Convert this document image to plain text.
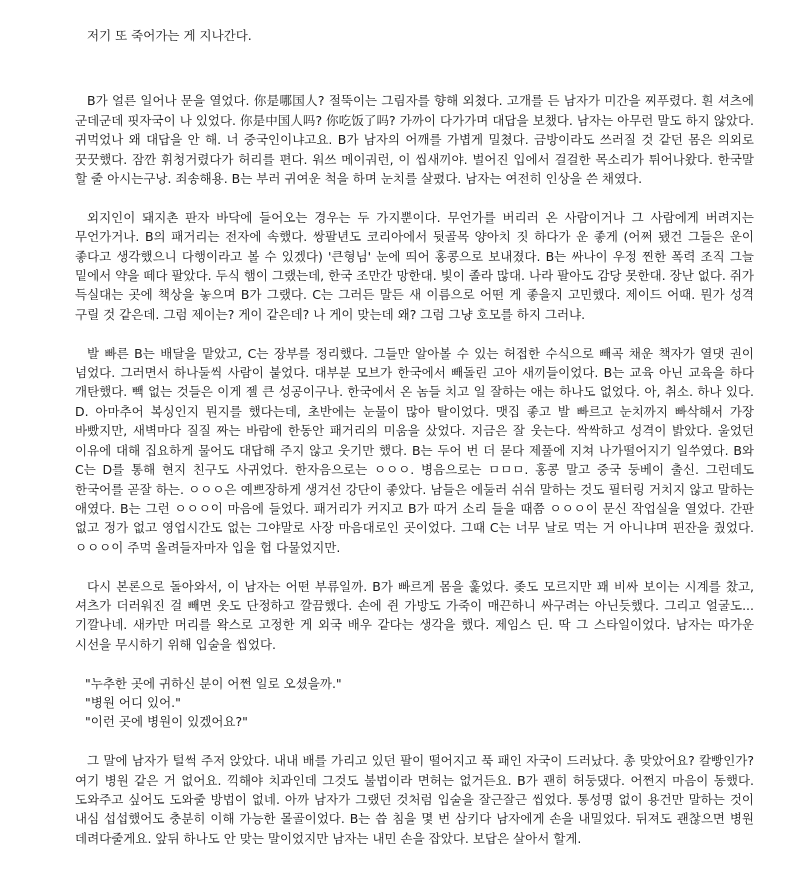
저기 또 죽어가는 게 지나간다.

B가 얼른 일어나 문을 열었다. 你是哪国人? 절뚝이는 그림자를 향해 외쳤다. 고개를 든 남자가 미간을 찌푸렸다. 흰 셔츠에 군데군데 핏자국이 나 있었다. 你是中国人吗? 你吃饭了吗? 가까이 다가가며 대답을 보챘다. 남자는 아무런 말도 하지 않았다. 귀먹었나 왜 대답을 안 해. 너 중국인이냐고요. B가 남자의 어깨를 가볍게 밀쳤다. 금방이라도 쓰러질 것 같던 몸은 의외로 꿋꿋했다. 잠깐 휘청거렸다가 허리를 편다. 워쓰 메이궈런, 이 씹새끼야. 벌어진 입에서 걸걸한 목소리가 튀어나왔다. 한국말 할 줄 아시는구낭. 죄송해용. B는 부러 귀여운 척을 하며 눈치를 살폈다. 남자는 여전히 인상을 쓴 채였다.

외지인이 돼지촌 판자 바닥에 들어오는 경우는 두 가지뿐이다. 무언가를 버리러 온 사람이거나 그 사람에게 버려지는 무언가거나. B의 패거리는 전자에 속했다. 쌍팔년도 코리아에서 뒷골목 양아치 짓 하다가 운 좋게 (어쩌 됐건 그들은 운이 좋다고 생각했으니 다행이라고 볼 수 있겠다) '큰형님' 눈에 띄어 홍콩으로 보내졌다. B는 싸나이 우정 찐한 폭력 조직 그늘 밑에서 약을 떼다 팔았다. 두식 햄이 그랬는데, 한국 조만간 망한대. 빛이 졸라 많대. 나라 팔아도 감당 못한대. 장난 없다. 쥐가 득실대는 곳에 책상을 놓으며 B가 그랬다. C는 그러든 말든 새 이름으로 어떤 게 좋을지 고민했다. 제이드 어때. 뭔가 성격 구릴 것 같은데. 그럼 제이는? 게이 같은데? 나 게이 맞는데 왜? 그럼 그냥 호모를 하지 그러냐.

발 빠른 B는 배달을 맡았고, C는 장부를 정리했다. 그들만 알아볼 수 있는 허접한 수식으로 빼곡 채운 책자가 열댓 권이 넘었다. 그러면서 하나둘씩 사람이 붙었다. 대부분 모브가 한국에서 빼돌린 고아 새끼들이었다. B는 교육 아닌 교육을 하다 개탄했다. 빽 없는 것들은 이게 젤 큰 성공이구나. 한국에서 온 놈들 치고 일 잘하는 애는 하나도 없었다. 아, 취소. 하나 있다. D. 아마추어 복싱인지 뭔지를 했다는데, 초반에는 눈물이 많아 탈이었다. 맷집 좋고 발 빠르고 눈치까지 빠삭해서 가장 바빴지만, 새벽마다 질질 짜는 바람에 한동안 패거리의 미움을 샀었다. 지금은 잘 웃는다. 싹싹하고 성격이 밝았다. 울었던 이유에 대해 집요하게 물어도 대답해 주지 않고 웃기만 했다. B는 두어 번 더 묻다 제풀에 지쳐 나가떨어지기 일쑤였다. B와 C는 D를 통해 현지 친구도 사귀었다. 한자음으로는 ㅇㅇㅇ. 병음으로는 ㅁㅁㅁ. 홍콩 말고 중국 둥베이 출신. 그런데도 한국어를 곧잘 하는. ㅇㅇㅇ은 예쁘장하게 생겨선 강단이 좋았다. 남들은 에둘러 쉬쉬 말하는 것도 필터링 거치지 않고 말하는 애였다. B는 그런 ㅇㅇㅇ이 마음에 들었다. 패거리가 커지고 B가 따거 소리 들을 때쯤 ㅇㅇㅇ이 문신 작업실을 열었다. 간판 없고 정가 없고 영업시간도 없는 그야말로 사장 마음대로인 곳이었다. 그때 C는 너무 날로 먹는 거 아니냐며 핀잔을 줬었다. ㅇㅇㅇ이 주먹 올려들자마자 입을 헙 다물었지만.

다시 본론으로 돌아와서, 이 남자는 어떤 부류일까. B가 빠르게 몸을 훑었다. 좆도 모르지만 꽤 비싸 보이는 시계를 찼고, 셔츠가 더러워진 걸 빼면 옷도 단정하고 깔끔했다. 손에 쥔 가방도 가죽이 매끈하니 싸구려는 아닌듯했다. 그리고 얼굴도... 기깔나네. 새카만 머리를 왁스로 고정한 게 외국 배우 같다는 생각을 했다. 제임스 딘. 딱 그 스타일이었다. 남자는 따가운 시선을 무시하기 위해 입술을 씹었다.

"누추한 곳에 귀하신 분이 어쩐 일로 오셨을까."

"병원 어디 있어."

"이런 곳에 병원이 있겠어요?"

그 말에 남자가 털썩 주저 앉았다. 내내 배를 가리고 있던 팔이 떨어지고 푹 패인 자국이 드러났다. 총 맞았어요? 칼빵인가? 여기 병원 같은 거 없어요. 끽해야 치과인데 그것도 불법이라 면허는 없거든요. B가 괜히 허둥댔다. 어쩐지 마음이 동했다. 도와주고 싶어도 도와줄 방법이 없네. 아까 남자가 그랬던 것처럼 입술을 잘근잘근 씹었다. 통성명 없이 용건만 말하는 것이 내심 섭섭했어도 충분히 이해 가능한 몰골이었다. B는 씁 침을 몇 번 삼키다 남자에게 손을 내밀었다. 뒤져도 괜찮으면 병원 데려다줄게요. 앞뒤 하나도 안 맞는 말이었지만 남자는 내민 손을 잡았다. 보답은 살아서 할게.
